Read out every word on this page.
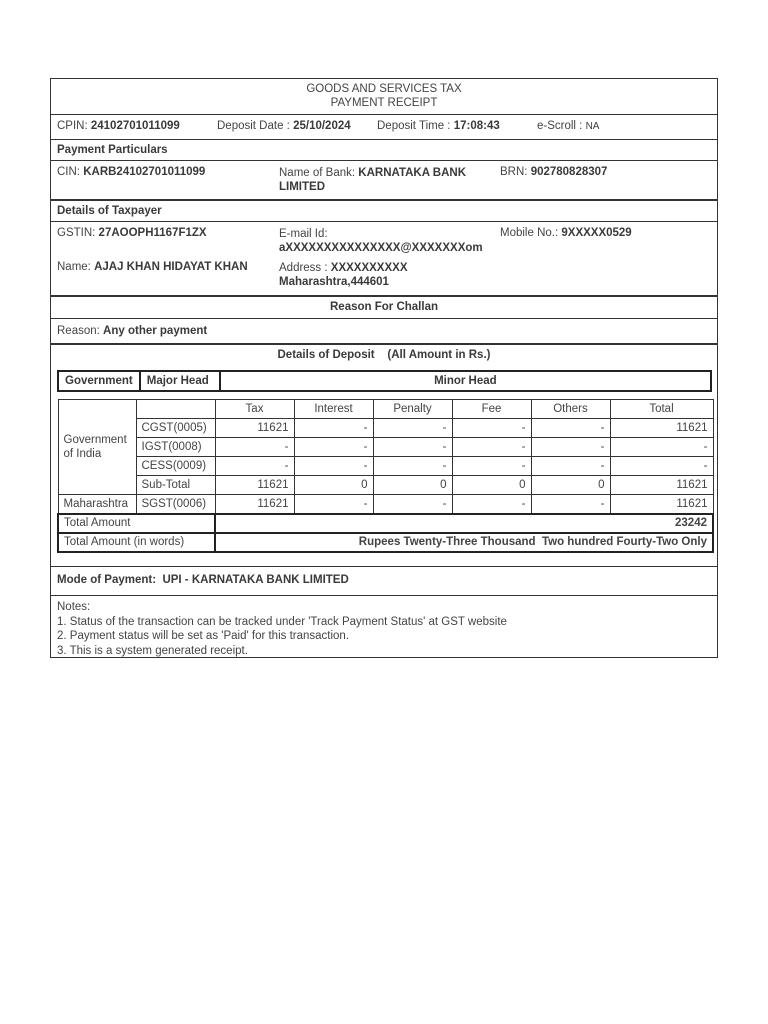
GOODS AND SERVICES TAX
PAYMENT RECEIPT
CPIN: 24102701011099	Deposit Date : 25/10/2024 Deposit Time : 17:08:43	e-Scroll : NA
Payment Particulars
CIN: KARB24102701011099	Name of Bank: KARNATAKA BANK
LIMITED
BRN: 902780828307
Details of Taxpayer
GSTIN: 27AOOPH1167F1ZX	E-mail Id:
aXXXXXXXXXXXXXXX@XXXXXXXom
Mobile No.: 9XXXXX0529
Name: AJAJ KHAN HIDAYAT KHAN	Address : XXXXXXXXXX
Maharashtra,444601
Reason For Challan
Reason: Any other payment
Details of Deposit    (All Amount in Rs.)
Government	Major Head	Minor Head
Government of India		Tax	Interest	Penalty	Fee	Others	Total
	CGST(0005)	11621	-	-	-	-	11621
	IGST(0008)	-	-	-	-	-	-
	CESS(0009)	-	-	-	-	-	-
	Sub-Total	11621	0	0	0	0	11621
Maharashtra	SGST(0006)	11621	-	-	-	-	11621
Total Amount		23242					
Total Amount (in words)		Rupees Twenty-Three Thousand  Two hundred Fourty-Two Only					
Mode of Payment: UPI - KARNATAKA BANK LIMITED
Notes:
1. Status of the transaction can be tracked under 'Track Payment Status' at GST website
2. Payment status will be set as 'Paid' for this transaction.
3. This is a system generated receipt.
